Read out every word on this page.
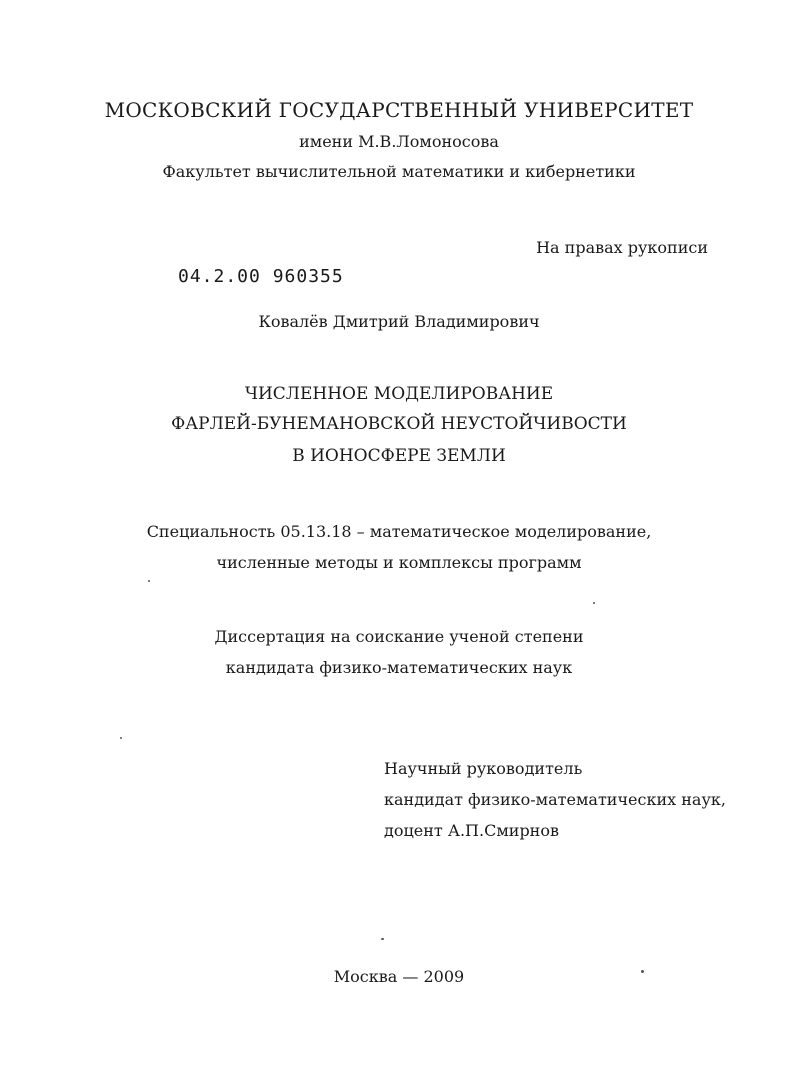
МОСКОВСКИЙ ГОСУДАРСТВЕННЫЙ УНИВЕРСИТЕТ
имени М.В.Ломоносова
Факультет вычислительной математики и кибернетики
На правах рукописи
04.2.00 960355
Ковалёв Дмитрий Владимирович
ЧИСЛЕННОЕ МОДЕЛИРОВАНИЕ
ФАРЛЕЙ-БУНЕМАНОВСКОЙ НЕУСТОЙЧИВОСТИ
В ИОНОСФЕРЕ ЗЕМЛИ
Специальность 05.13.18 – математическое моделирование,
численные методы и комплексы программ
Диссертация на соискание ученой степени
кандидата физико-математических наук
Научный руководитель
кандидат физико-математических наук,
доцент А.П.Смирнов
Москва — 2009
